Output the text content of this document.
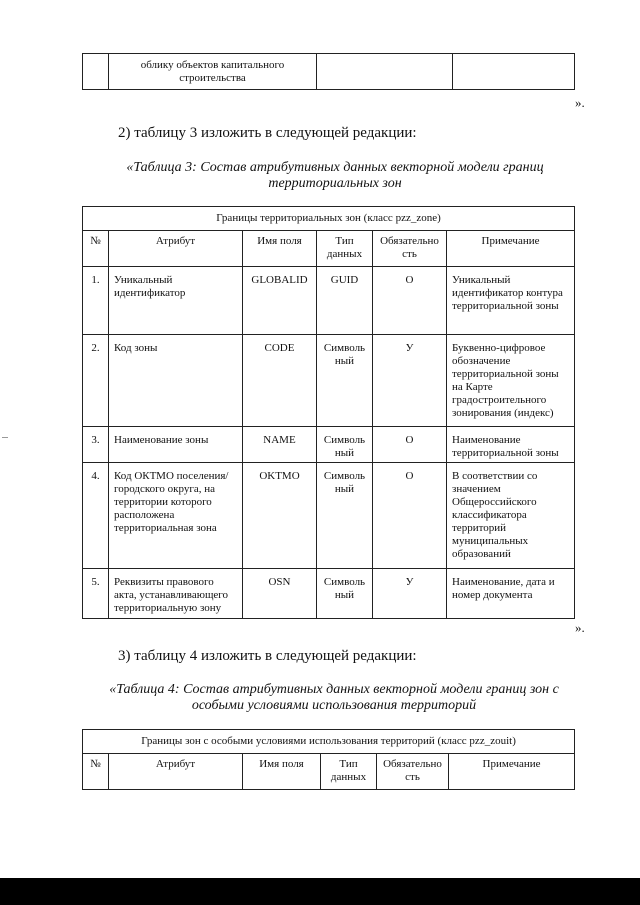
	облику объектов капитального строительства		
».
2) таблицу 3 изложить в следующей редакции:
«Таблица 3: Состав атрибутивных данных векторной модели границ
территориальных зон
Границы территориальных зон (класс pzz_zone)					
№	Атрибут	Имя поля	Тип данных	Обязательно сть	Примечание
1.	Уникальный идентификатор	GLOBALID	GUID	О	Уникальный идентификатор контура территориальной зоны
2.	Код зоны	CODE	Символь ный	У	Буквенно-цифровое обозначение территориальной зоны на Карте градостроительного зонирования (индекс)
3.	Наименование зоны	NAME	Символь ный	О	Наименование территориальной зоны
4.	Код ОКТМО поселения/городского округа, на территории которого расположена территориальная зона	OKTMO	Символь ный	О	В соответствии со значением Общероссийского классификатора территорий муниципальных образований
5.	Реквизиты правового акта, устанавливающего территориальную зону	OSN	Символь ный	У	Наименование, дата и номер документа
».
3) таблицу 4 изложить в следующей редакции:
«Таблица 4: Состав атрибутивных данных векторной модели границ зон с
особыми условиями использования территорий
Границы зон с особыми условиями использования территорий (класс pzz_zouit)
№	Атрибут	Имя поля	Тип данных	Обязательно сть	Примечание
